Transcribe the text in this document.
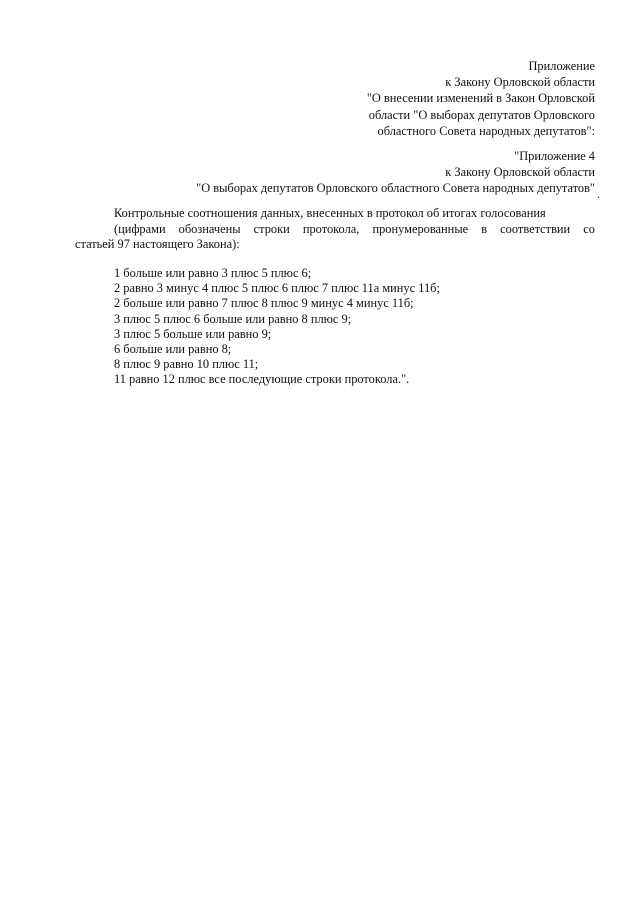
Приложение
к Закону Орловской области
"О внесении изменений в Закон Орловской
области "О выборах депутатов Орловского
областного Совета народных депутатов":
"Приложение 4
к Закону Орловской области
"О выборах депутатов Орловского областного Совета народных депутатов" .
Контрольные соотношения данных, внесенных в протокол об итогах голосования
(цифрами обозначены строки протокола, пронумерованные в соответствии со
статьей 97 настоящего Закона):
1 больше или равно 3 плюс 5 плюс 6;
2 равно 3 минус 4 плюс 5 плюс 6 плюс 7 плюс 11а минус 11б;
2 больше или равно 7 плюс 8 плюс 9 минус 4 минус 11б;
3 плюс 5 плюс 6 больше или равно 8 плюс 9;
3 плюс 5 больше или равно 9;
6 больше или равно 8;
8 плюс 9 равно 10 плюс 11;
11 равно 12 плюс все последующие строки протокола.".
